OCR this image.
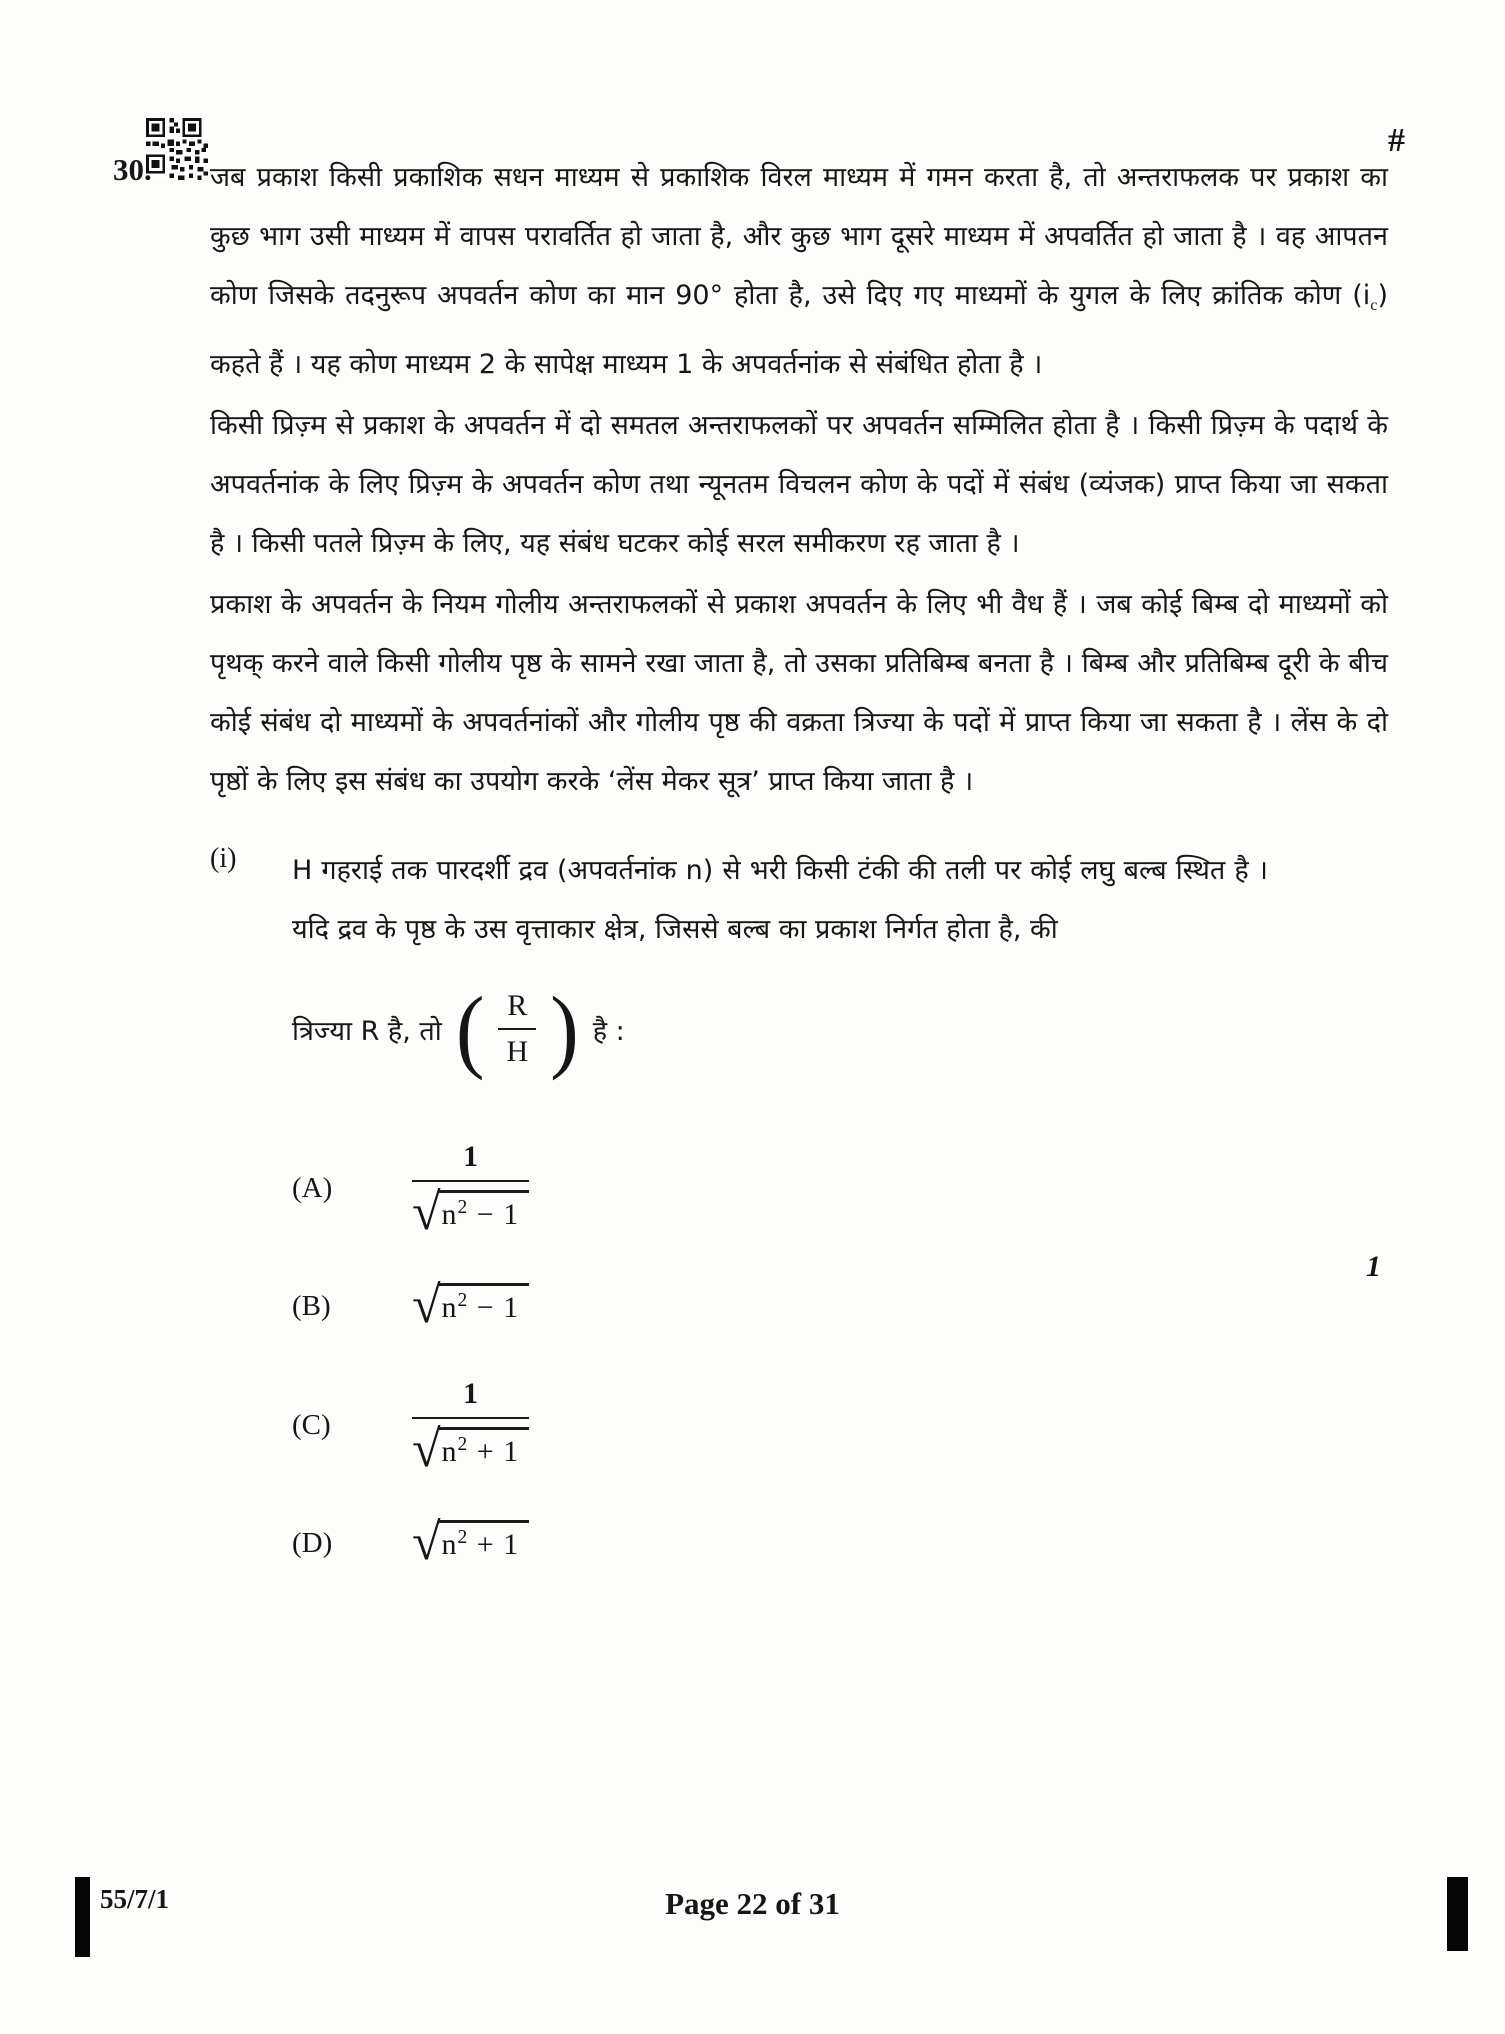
#
1
30.	जब प्रकाश किसी प्रकाशिक सधन माध्यम से प्रकाशिक विरल माध्यम में गमन करता है, तो अन्तराफलक पर प्रकाश का कुछ भाग उसी माध्यम में वापस परावर्तित हो जाता है, और कुछ भाग दूसरे माध्यम में अपवर्तित हो जाता है । वह आपतन कोण जिसके तदनुरूप अपवर्तन कोण का मान 90° होता है, उसे दिए गए माध्यमों के युगल के लिए क्रांतिक कोण $(i_c)$ कहते हैं । यह कोण माध्यम 2 के सापेक्ष माध्यम 1 के अपवर्तनांक से संबंधित होता है ।

किसी प्रिज़्म से प्रकाश के अपवर्तन में दो समतल अन्तराफलकों पर अपवर्तन सम्मिलित होता है । किसी प्रिज़्म के पदार्थ के अपवर्तनांक के लिए प्रिज़्म के अपवर्तन कोण तथा न्यूनतम विचलन कोण के पदों में संबंध (व्यंजक) प्राप्त किया जा सकता है । किसी पतले प्रिज़्म के लिए, यह संबंध घटकर कोई सरल समीकरण रह जाता है ।

प्रकाश के अपवर्तन के नियम गोलीय अन्तराफलकों से प्रकाश अपवर्तन के लिए भी वैध हैं । जब कोई बिम्ब दो माध्यमों को पृथक् करने वाले किसी गोलीय पृष्ठ के सामने रखा जाता है, तो उसका प्रतिबिम्ब बनता है । बिम्ब और प्रतिबिम्ब दूरी के बीच कोई संबंध दो माध्यमों के अपवर्तनांकों और गोलीय पृष्ठ की वक्रता त्रिज्या के पदों में प्राप्त किया जा सकता है । लेंस के दो पृष्ठों के लिए इस संबंध का उपयोग करके ‘लेंस मेकर सूत्र’ प्राप्त किया जाता है ।

(i)	H गहराई तक पारदर्शी द्रव (अपवर्तनांक n) से भरी किसी टंकी की तली पर कोई लघु बल्ब स्थित है । यदि द्रव के पृष्ठ के उस वृत्ताकार क्षेत्र, जिससे बल्ब का प्रकाश निर्गत होता है, की

त्रिज्या R है, तो ( $\frac{R}{H}$ ) है :
(A)	$\frac{1}{√ n^2 - 1}$
(B)	√ $n^2 - 1$
(C)	$\frac{1}{√ n^2 + 1}$
(D)	√ $n^2 + 1$
55/7/1	Page 22 of 31
